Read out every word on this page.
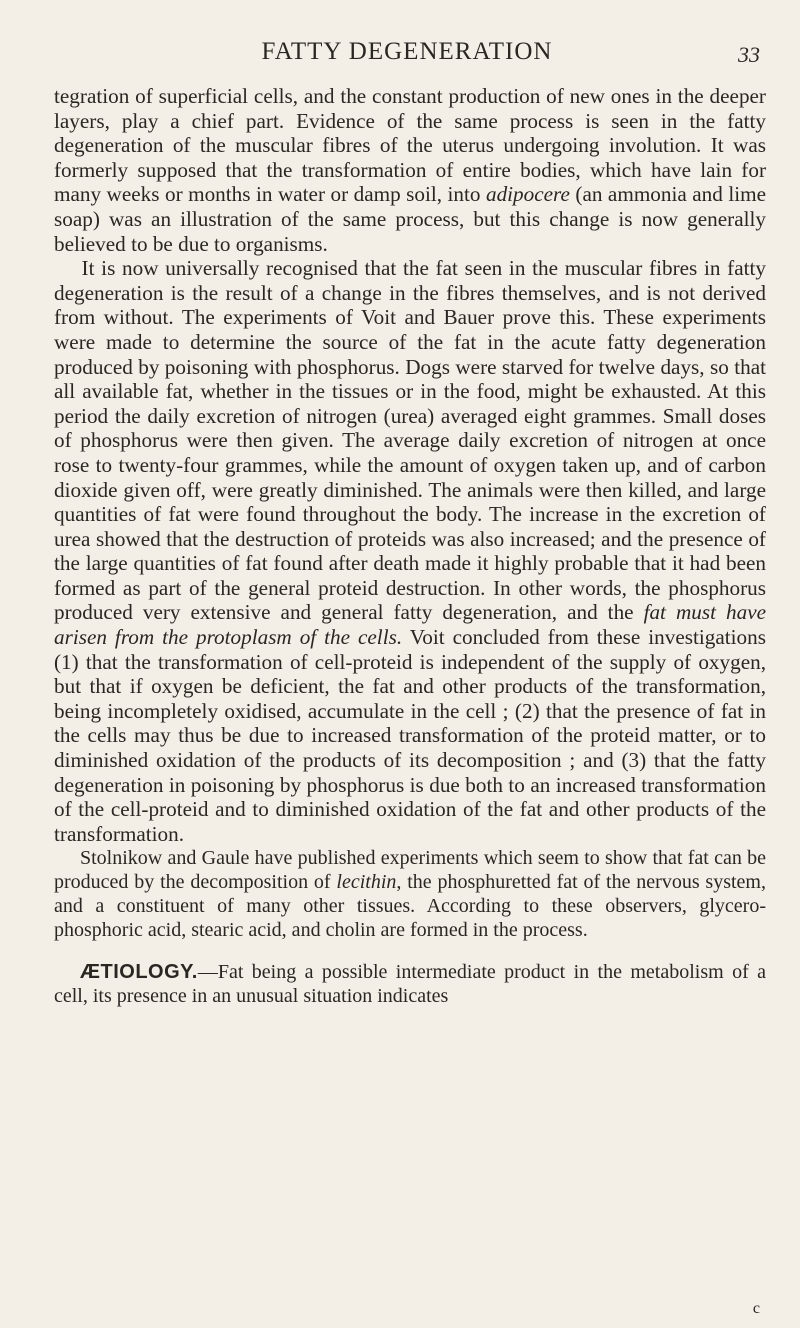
FATTY DEGENERATION	33

tegration of superficial cells, and the constant production of new ones in the deeper layers, play a chief part. Evidence of the same process is seen in the fatty degeneration of the muscular fibres of the uterus undergoing involution. It was formerly supposed that the transformation of entire bodies, which have lain for many weeks or months in water or damp soil, into adipocere (an ammonia and lime soap) was an illustration of the same process, but this change is now generally believed to be due to organisms.

It is now universally recognised that the fat seen in the muscular fibres in fatty degeneration is the result of a change in the fibres themselves, and is not derived from without. The experiments of Voit and Bauer prove this. These experiments were made to determine the source of the fat in the acute fatty degeneration produced by poisoning with phosphorus. Dogs were starved for twelve days, so that all available fat, whether in the tissues or in the food, might be exhausted. At this period the daily excretion of nitrogen (urea) averaged eight grammes. Small doses of phosphorus were then given. The average daily excretion of nitrogen at once rose to twenty-four grammes, while the amount of oxygen taken up, and of carbon dioxide given off, were greatly diminished. The animals were then killed, and large quantities of fat were found throughout the body. The increase in the excretion of urea showed that the destruction of proteids was also increased; and the presence of the large quantities of fat found after death made it highly probable that it had been formed as part of the general proteid destruction. In other words, the phosphorus produced very extensive and general fatty degeneration, and the fat must have arisen from the protoplasm of the cells. Voit concluded from these investigations (1) that the transformation of cell-proteid is independent of the supply of oxygen, but that if oxygen be deficient, the fat and other products of the transformation, being incompletely oxidised, accumulate in the cell ; (2) that the presence of fat in the cells may thus be due to increased transformation of the proteid matter, or to diminished oxidation of the products of its decomposition ; and (3) that the fatty degeneration in poisoning by phosphorus is due both to an increased transformation of the cell-proteid and to diminished oxidation of the fat and other products of the transformation.

Stolnikow and Gaule have published experiments which seem to show that fat can be produced by the decomposition of lecithin, the phosphuretted fat of the nervous system, and a constituent of many other tissues. According to these observers, glycero-phosphoric acid, stearic acid, and cholin are formed in the process.

ÆTIOLOGY.—Fat being a possible intermediate product in the metabolism of a cell, its presence in an unusual situation indicates

c
